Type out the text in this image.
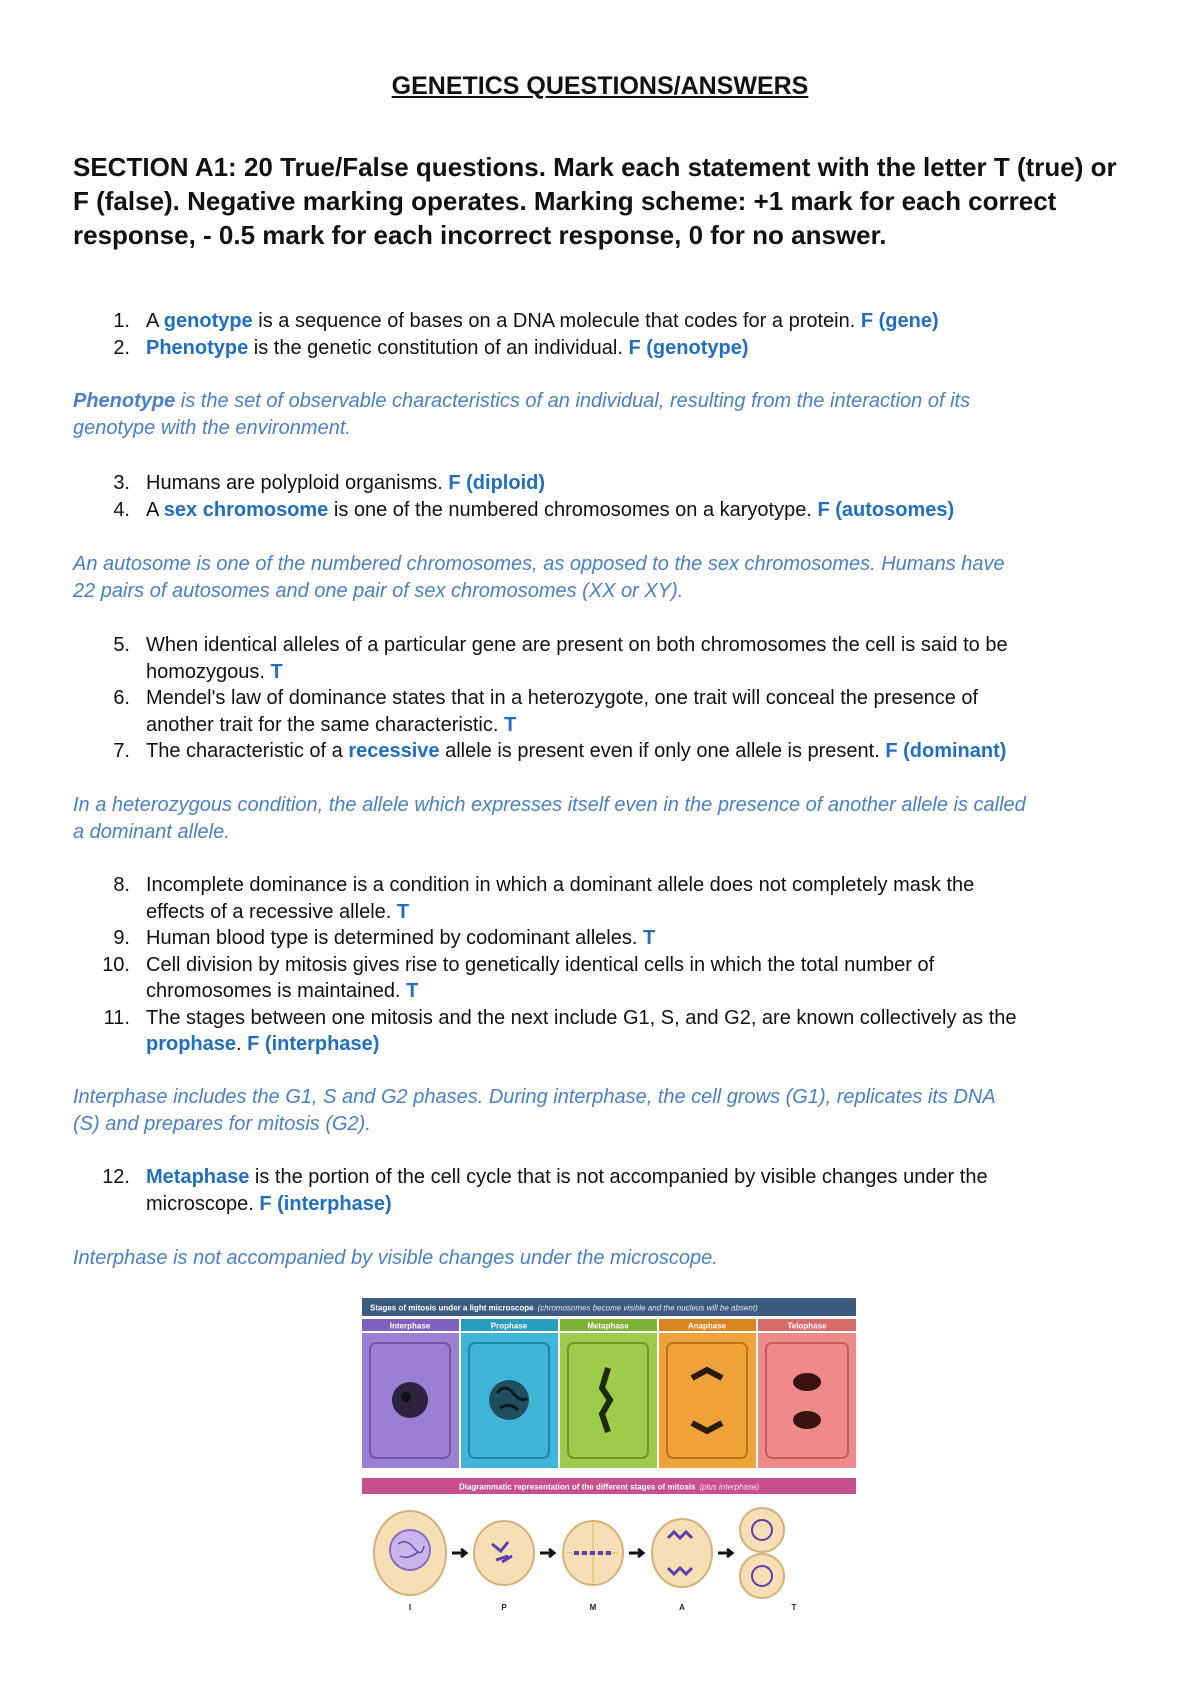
GENETICS QUESTIONS/ANSWERS
SECTION A1: 20 True/False questions. Mark each statement with the letter T (true) or F (false). Negative marking operates. Marking scheme: +1 mark for each correct response, - 0.5 mark for each incorrect response, 0 for no answer.
1. A genotype is a sequence of bases on a DNA molecule that codes for a protein. F (gene)
2. Phenotype is the genetic constitution of an individual. F (genotype)
Phenotype is the set of observable characteristics of an individual, resulting from the interaction of its
genotype with the environment.
3. Humans are polyploid organisms. F (diploid)
4. A sex chromosome is one of the numbered chromosomes on a karyotype. F (autosomes)
An autosome is one of the numbered chromosomes, as opposed to the sex chromosomes. Humans have
22 pairs of autosomes and one pair of sex chromosomes (XX or XY).
5. When identical alleles of a particular gene are present on both chromosomes the cell is said to be
homozygous. T
6. Mendel's law of dominance states that in a heterozygote, one trait will conceal the presence of
another trait for the same characteristic. T
7. The characteristic of a recessive allele is present even if only one allele is present. F (dominant)
In a heterozygous condition, the allele which expresses itself even in the presence of another allele is called
a dominant allele.
8. Incomplete dominance is a condition in which a dominant allele does not completely mask the
effects of a recessive allele. T
9. Human blood type is determined by codominant alleles. T
10. Cell division by mitosis gives rise to genetically identical cells in which the total number of
chromosomes is maintained. T
11. The stages between one mitosis and the next include G1, S, and G2, are known collectively as the
prophase. F (interphase)
Interphase includes the G1, S and G2 phases. During interphase, the cell grows (G1), replicates its DNA
(S) and prepares for mitosis (G2).
12. Metaphase is the portion of the cell cycle that is not accompanied by visible changes under the
microscope. F (interphase)
Interphase is not accompanied by visible changes under the microscope.
Stages of mitosis under a light microscope (chromosomes become visible and the nucleus will be absent)
Interphase	Prophase	Metaphase	Anaphase	Telophase
Diagrammatic representation of the different stages of mitosis (plus interphase)
I	P	M	A	T
